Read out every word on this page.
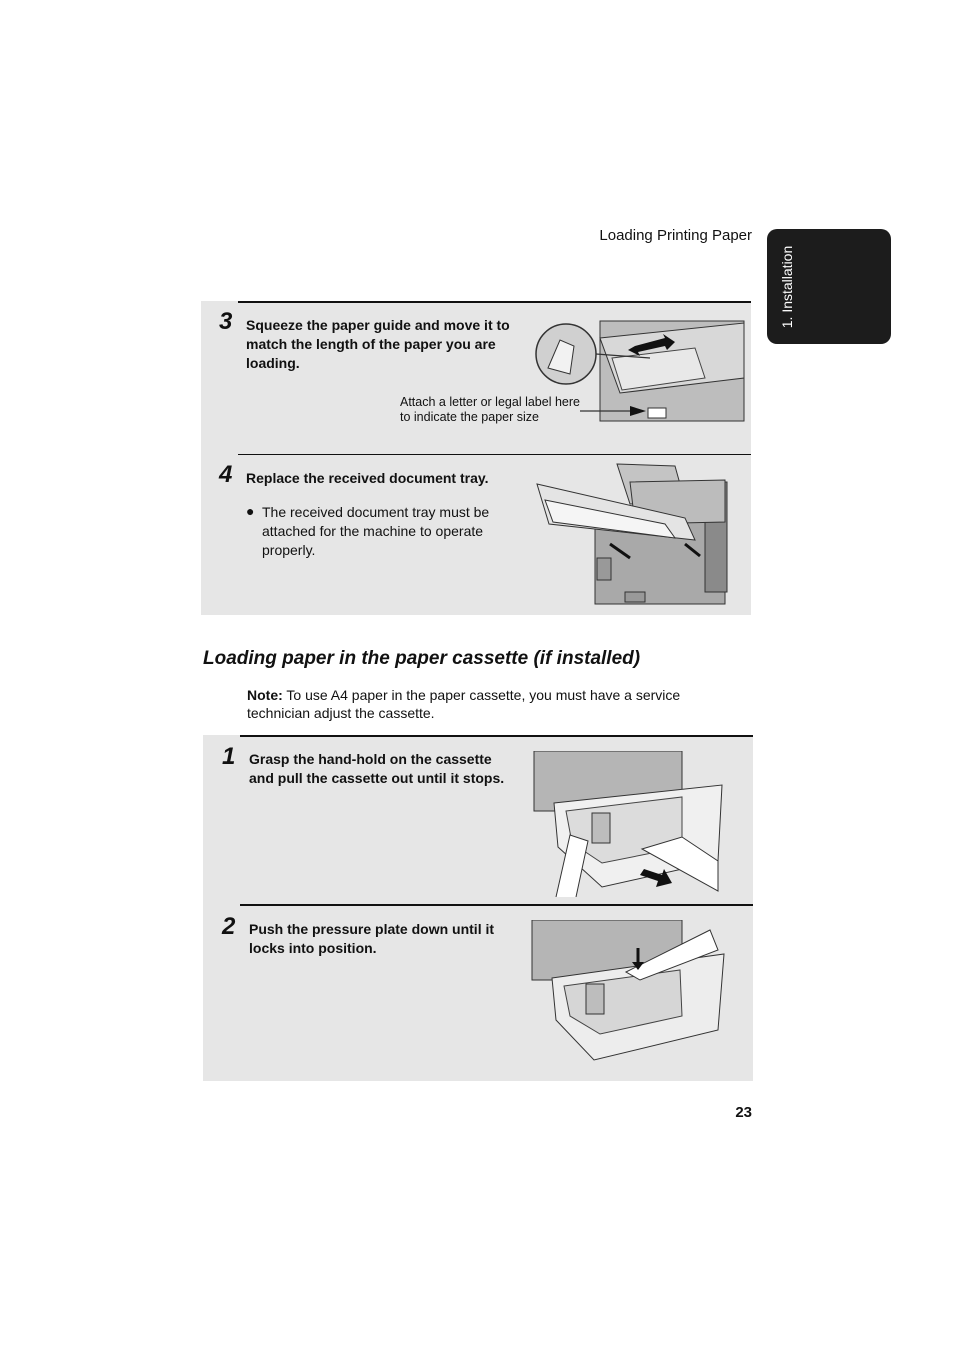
Loading Printing Paper
1. Installation
3 Squeeze the paper guide and move it to match the length of the paper you are loading.
Attach a letter or legal label here to indicate the paper size
4 Replace the received document tray.
● The received document tray must be attached for the machine to operate properly.
Loading paper in the paper cassette (if installed)
Note: To use A4 paper in the paper cassette, you must have a service technician adjust the cassette.
1 Grasp the hand-hold on the cassette and pull the cassette out until it stops.
2 Push the pressure plate down until it locks into position.
23
